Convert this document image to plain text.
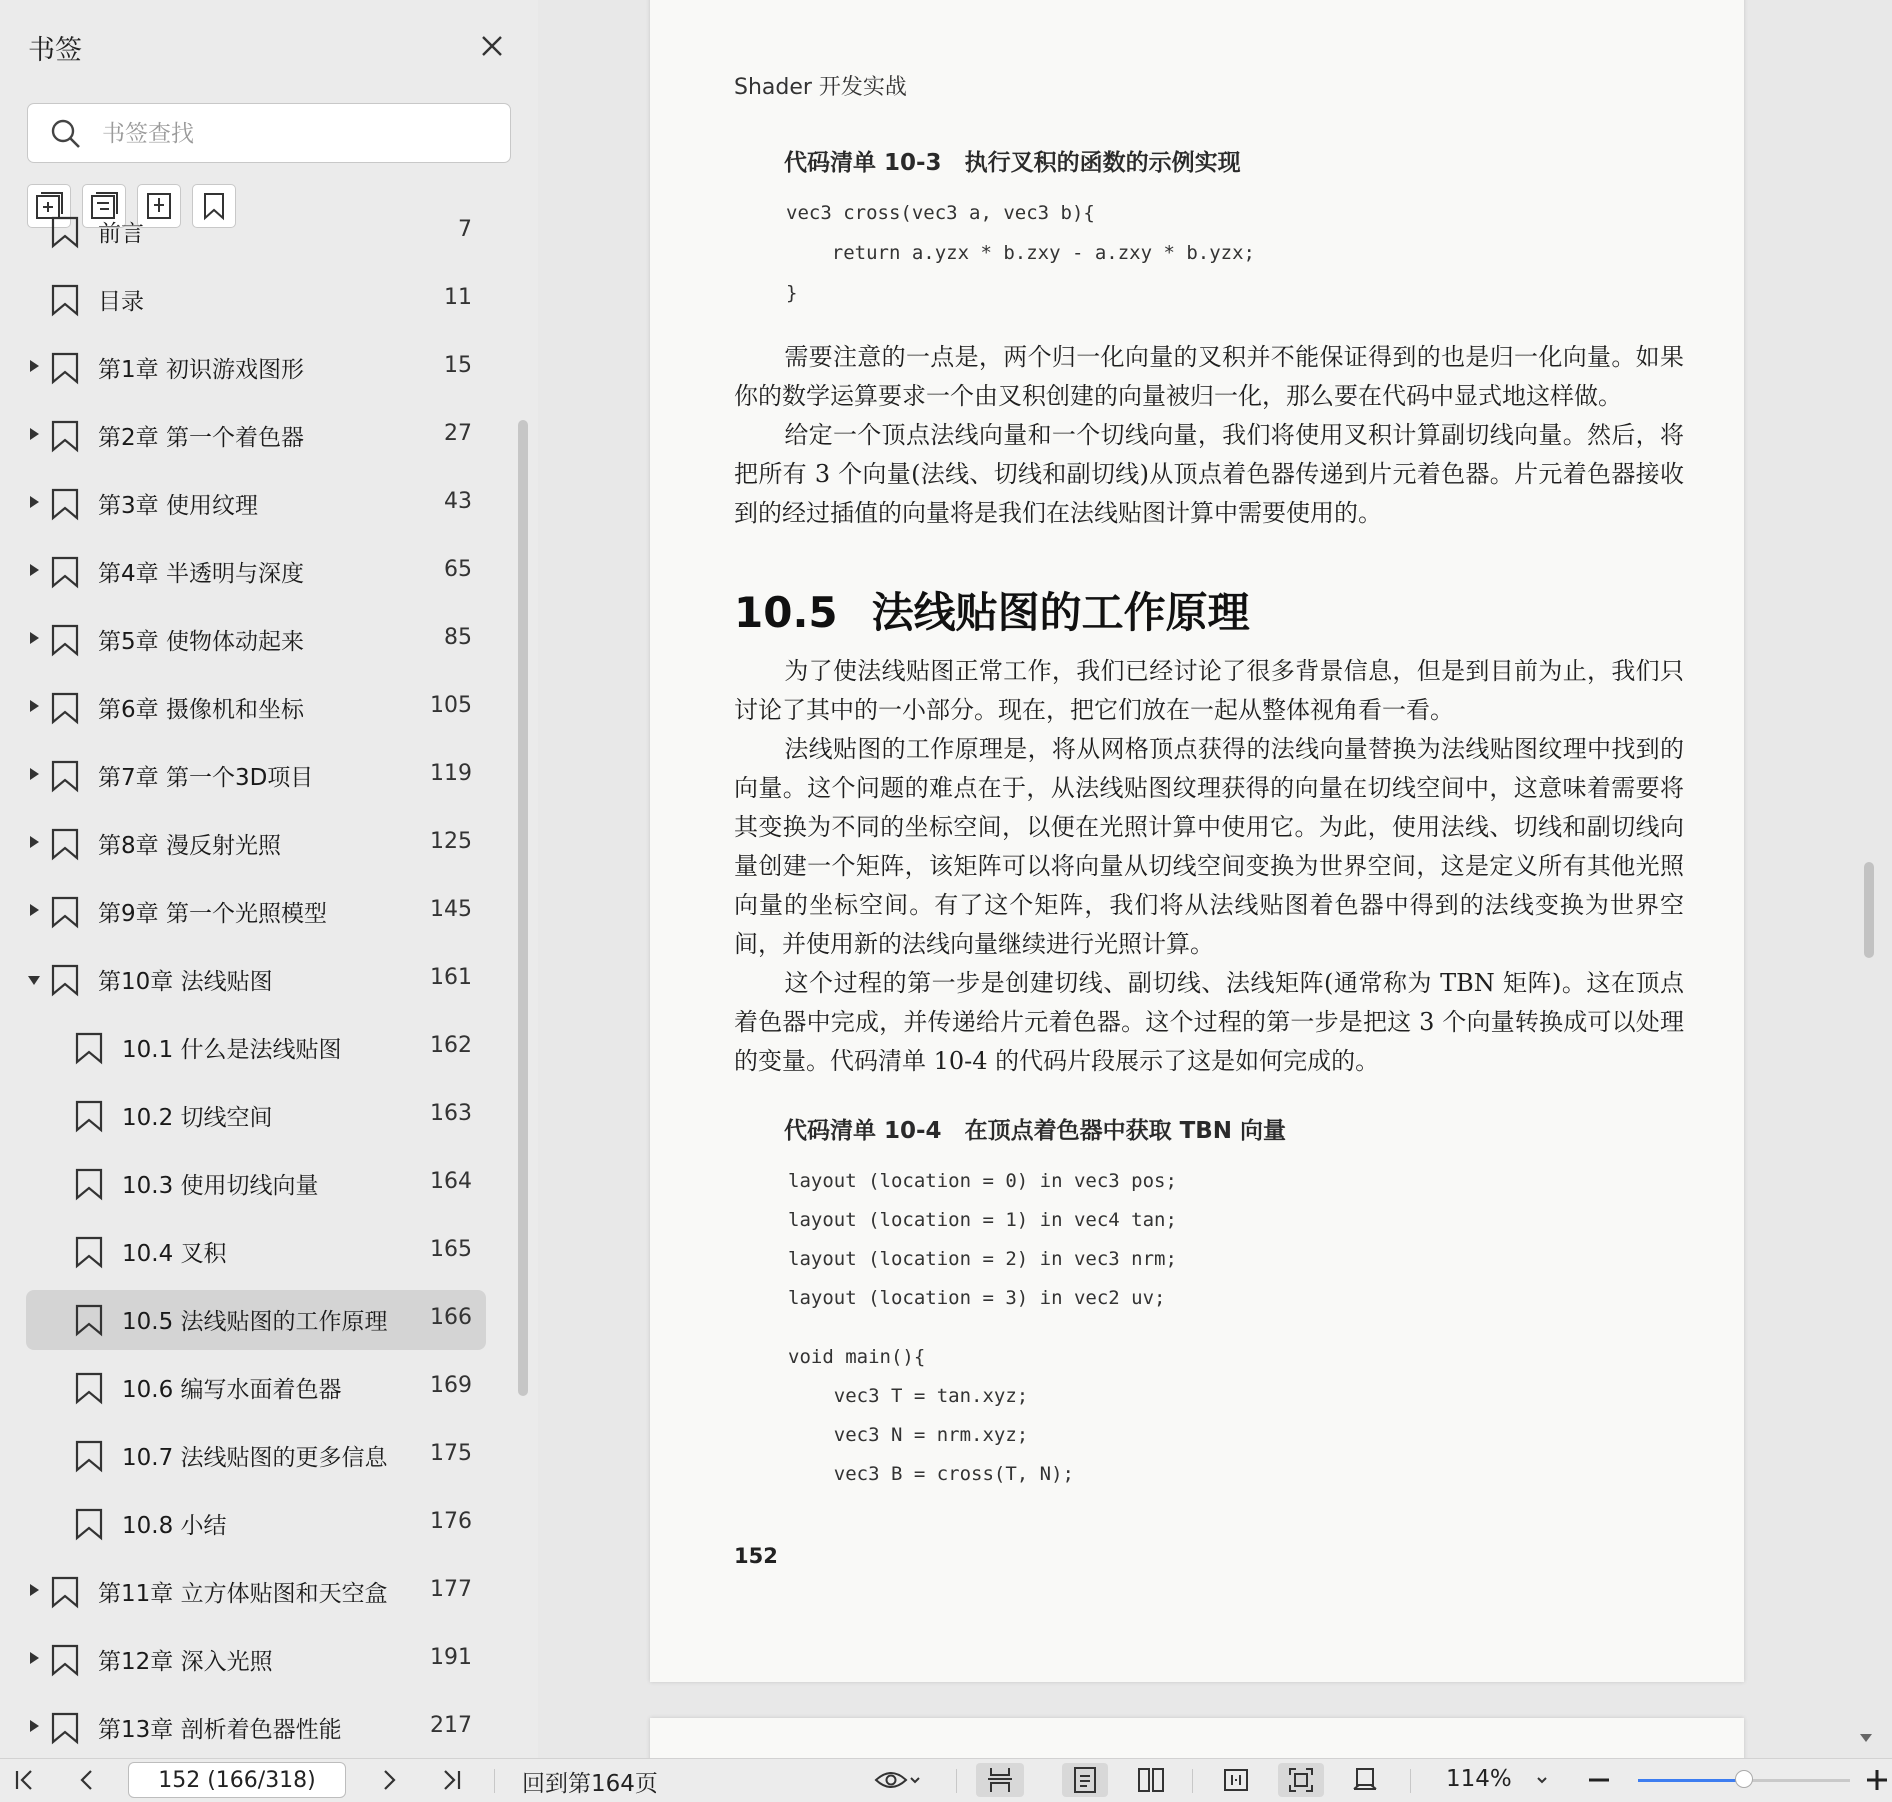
书签
书签查找
前言	7
目录	11
第1章 初识游戏图形	15
第2章 第一个着色器	27
第3章 使用纹理	43
第4章 半透明与深度	65
第5章 使物体动起来	85
第6章 摄像机和坐标	105
第7章 第一个3D项目	119
第8章 漫反射光照	125
第9章 第一个光照模型	145
第10章 法线贴图	161
10.1 什么是法线贴图	162
10.2 切线空间	163
10.3 使用切线向量	164
10.4 叉积	165
10.5 法线贴图的工作原理 166
10.6 编写水面着色器	169
10.7 法线贴图的更多信息 175
10.8 小结	176
第11章 立方体贴图和天空盒 177
第12章 深入光照	191
第13章 剖析着色器性能	217
Shader 开发实战
代码清单 10-3　执行叉积的函数的示例实现
vec3 cross(vec3 a, vec3 b){
return a.yzx * b.zxy - a.zxy * b.yzx;
}
需要注意的一点是，两个归一化向量的叉积并不能保证得到的也是归一化向量。如果你的数学运算要求一个由叉积创建的向量被归一化，那么要在代码中显式地这样做。
给定一个顶点法线向量和一个切线向量，我们将使用叉积计算副切线向量。然后，将把所有 3 个向量(法线、切线和副切线)从顶点着色器传递到片元着色器。片元着色器接收到的经过插值的向量将是我们在法线贴图计算中需要使用的。
10.5 法线贴图的工作原理
为了使法线贴图正常工作，我们已经讨论了很多背景信息，但是到目前为止，我们只讨论了其中的一小部分。现在，把它们放在一起从整体视角看一看。
法线贴图的工作原理是，将从网格顶点获得的法线向量替换为法线贴图纹理中找到的向量。这个问题的难点在于，从法线贴图纹理获得的向量在切线空间中，这意味着需要将其变换为不同的坐标空间，以便在光照计算中使用它。为此，使用法线、切线和副切线向量创建一个矩阵，该矩阵可以将向量从切线空间变换为世界空间，这是定义所有其他光照向量的坐标空间。有了这个矩阵，我们将从法线贴图着色器中得到的法线变换为世界空间，并使用新的法线向量继续进行光照计算。
这个过程的第一步是创建切线、副切线、法线矩阵(通常称为 TBN 矩阵)。这在顶点着色器中完成，并传递给片元着色器。这个过程的第一步是把这 3 个向量转换成可以处理的变量。代码清单 10-4 的代码片段展示了这是如何完成的。
代码清单 10-4　在顶点着色器中获取 TBN 向量
layout (location = 0) in vec3 pos;
layout (location = 1) in vec4 tan;
layout (location = 2) in vec3 nrm;
layout (location = 3) in vec2 uv;
void main(){
vec3 T = tan.xyz;
vec3 N = nrm.xyz;
vec3 B = cross(T, N);
152
152 (166/318)
回到第164页	114%
